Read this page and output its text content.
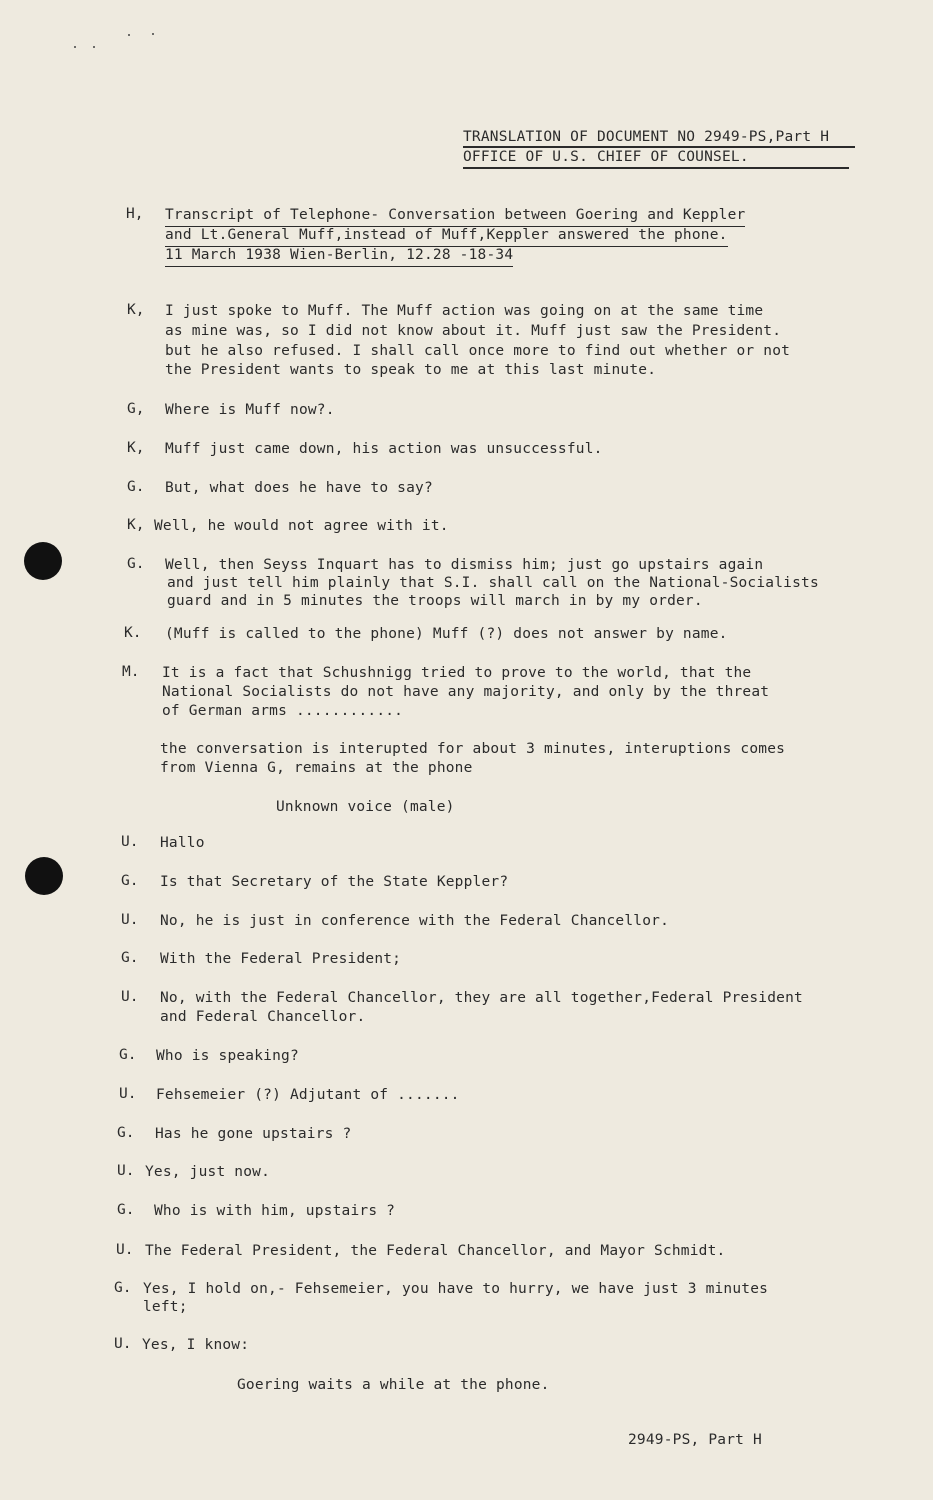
TRANSLATION OF DOCUMENT NO 2949-PS,Part H
OFFICE OF U.S. CHIEF OF COUNSEL.
H, Transcript of Telephone- Conversation between Goering and Keppler
and Lt.General Muff,instead of Muff,Keppler answered the phone.
11 March 1938 Wien-Berlin, 12.28 -18-34
K, I just spoke to Muff. The Muff action was going on at the same time
as mine was, so I did not know about it. Muff just saw the President.
but he also refused. I shall call once more to find out whether or not
the President wants to speak to me at this last minute.
G, Where is Muff now?.
K, Muff just came down, his action was unsuccessful.
G. But, what does he have to say?
K, Well, he would not agree with it.
G. Well, then Seyss Inquart has to dismiss him; just go upstairs again
and just tell him plainly that S.I. shall call on the National-Socialists
guard and in 5 minutes the troops will march in by my order.
K. (Muff is called to the phone) Muff (?) does not answer by name.
M. It is a fact that Schushnigg tried to prove to the world, that the
National Socialists do not have any majority, and only by the threat
of German arms ............
the conversation is interupted for about 3 minutes, interuptions comes
from Vienna G, remains at the phone
Unknown voice (male)
U. Hallo
G. Is that Secretary of the State Keppler?
U. No, he is just in conference with the Federal Chancellor.
G. With the Federal President;
U. No, with the Federal Chancellor, they are all together,Federal President
and Federal Chancellor.
G. Who is speaking?
U. Fehsemeier (?) Adjutant of .......
G. Has he gone upstairs ?
U. Yes, just now.
G. Who is with him, upstairs ?
U. The Federal President, the Federal Chancellor, and Mayor Schmidt.
G. Yes, I hold on,- Fehsemeier, you have to hurry, we have just 3 minutes
left;
U. Yes, I know:
Goering waits a while at the phone.
2949-PS, Part H
